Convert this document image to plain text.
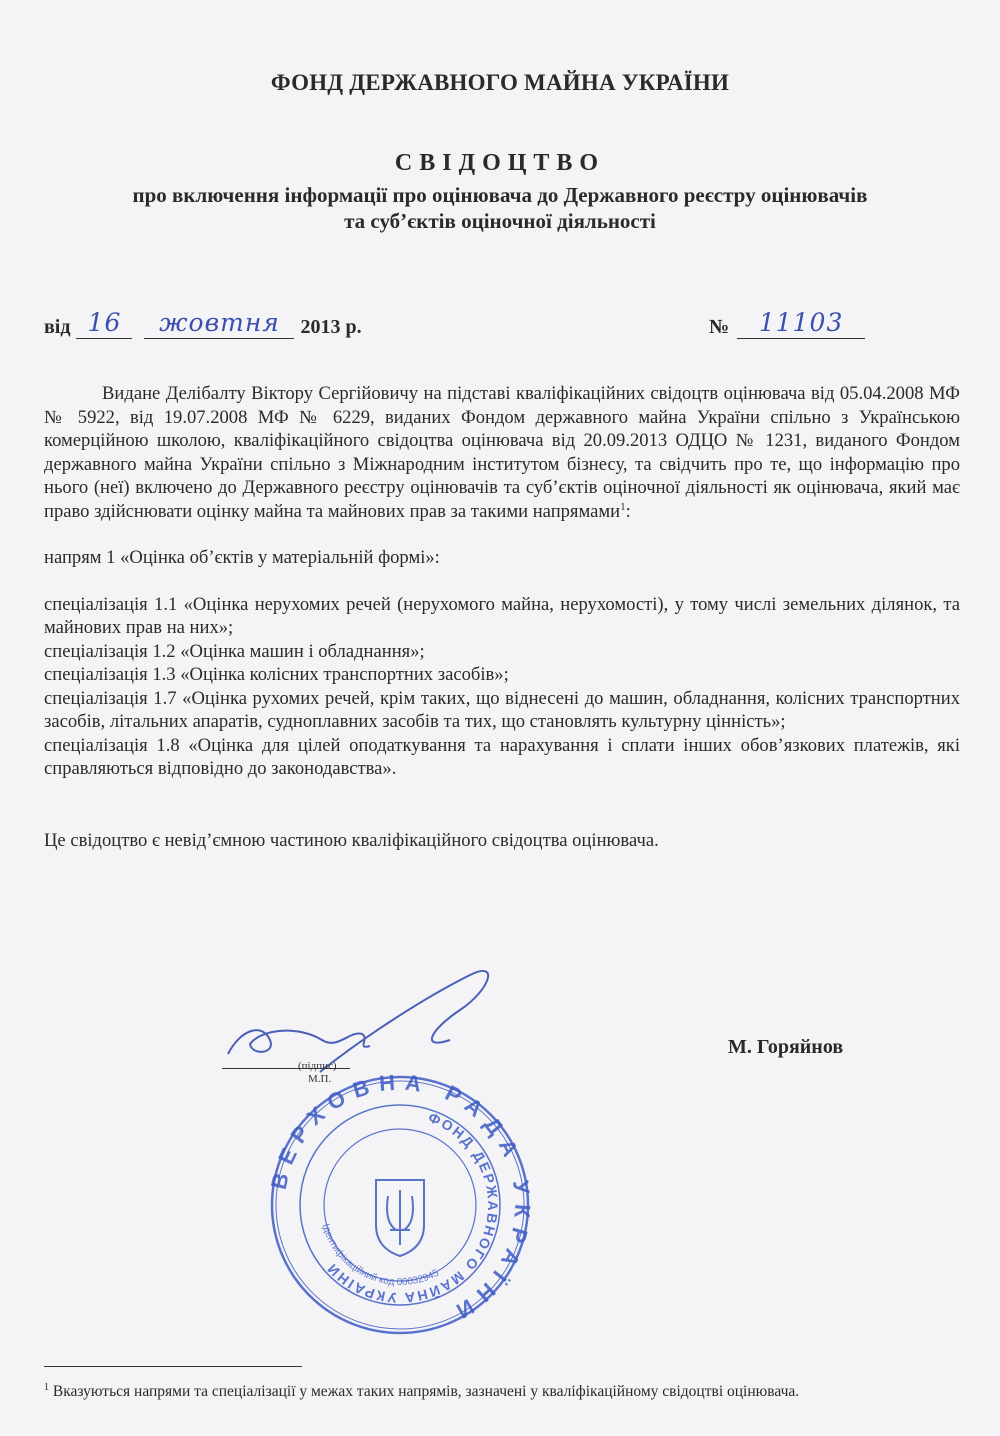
ФОНД ДЕРЖАВНОГО МАЙНА УКРАЇНИ
СВІДОЦТВО
про включення інформації про оцінювача до Державного реєстру оцінювачів
та суб’єктів оціночної діяльності
від 16	жовтня	2013 р.	№	11103

Видане Делібалту Віктору Сергійовичу на підставі кваліфікаційних свідоцтв оцінювача від 05.04.2008 МФ № 5922, від 19.07.2008 МФ № 6229, виданих Фондом державного майна України спільно з Українською комерційною школою, кваліфікаційного свідоцтва оцінювача від 20.09.2013 ОДЦО № 1231, виданого Фондом державного майна України спільно з Міжнародним інститутом бізнесу, та свідчить про те, що інформацію про нього (неї) включено до Державного реєстру оцінювачів та суб’єктів оціночної діяльності як оцінювача, який має право здійснювати оцінку майна та майнових прав за такими напрямами$^1$:

напрям 1 «Оцінка об’єктів у матеріальній формі»:

спеціалізація 1.1 «Оцінка нерухомих речей (нерухомого майна, нерухомості), у тому числі земельних ділянок, та майнових прав на них»;

спеціалізація 1.2 «Оцінка машин і обладнання»;

спеціалізація 1.3 «Оцінка колісних транспортних засобів»;

спеціалізація 1.7 «Оцінка рухомих речей, крім таких, що віднесені до машин, обладнання, колісних транспортних засобів, літальних апаратів, суднoплавних засобів та тих, що становлять культурну цінність»;

спеціалізація 1.8 «Оцінка для цілей оподаткування та нарахування і сплати інших обов’язкових платежів, які справляються відповідно до законодавства».

Це свідоцтво є невід’ємною частиною кваліфікаційного свідоцтва оцінювача.

ВЕРХОВНА РАДА УКРАЇНИ
ФОНД ДЕРЖАВНОГО МАЙНА УКРАЇНИ
Ідентифікаційний код 00032945
(підпис)
М.П.
М. Горяйнов
$^1$ Вказуються напрями та спеціалізації у межах таких напрямів, зазначені у кваліфікаційному свідоцтві оцінювача.
